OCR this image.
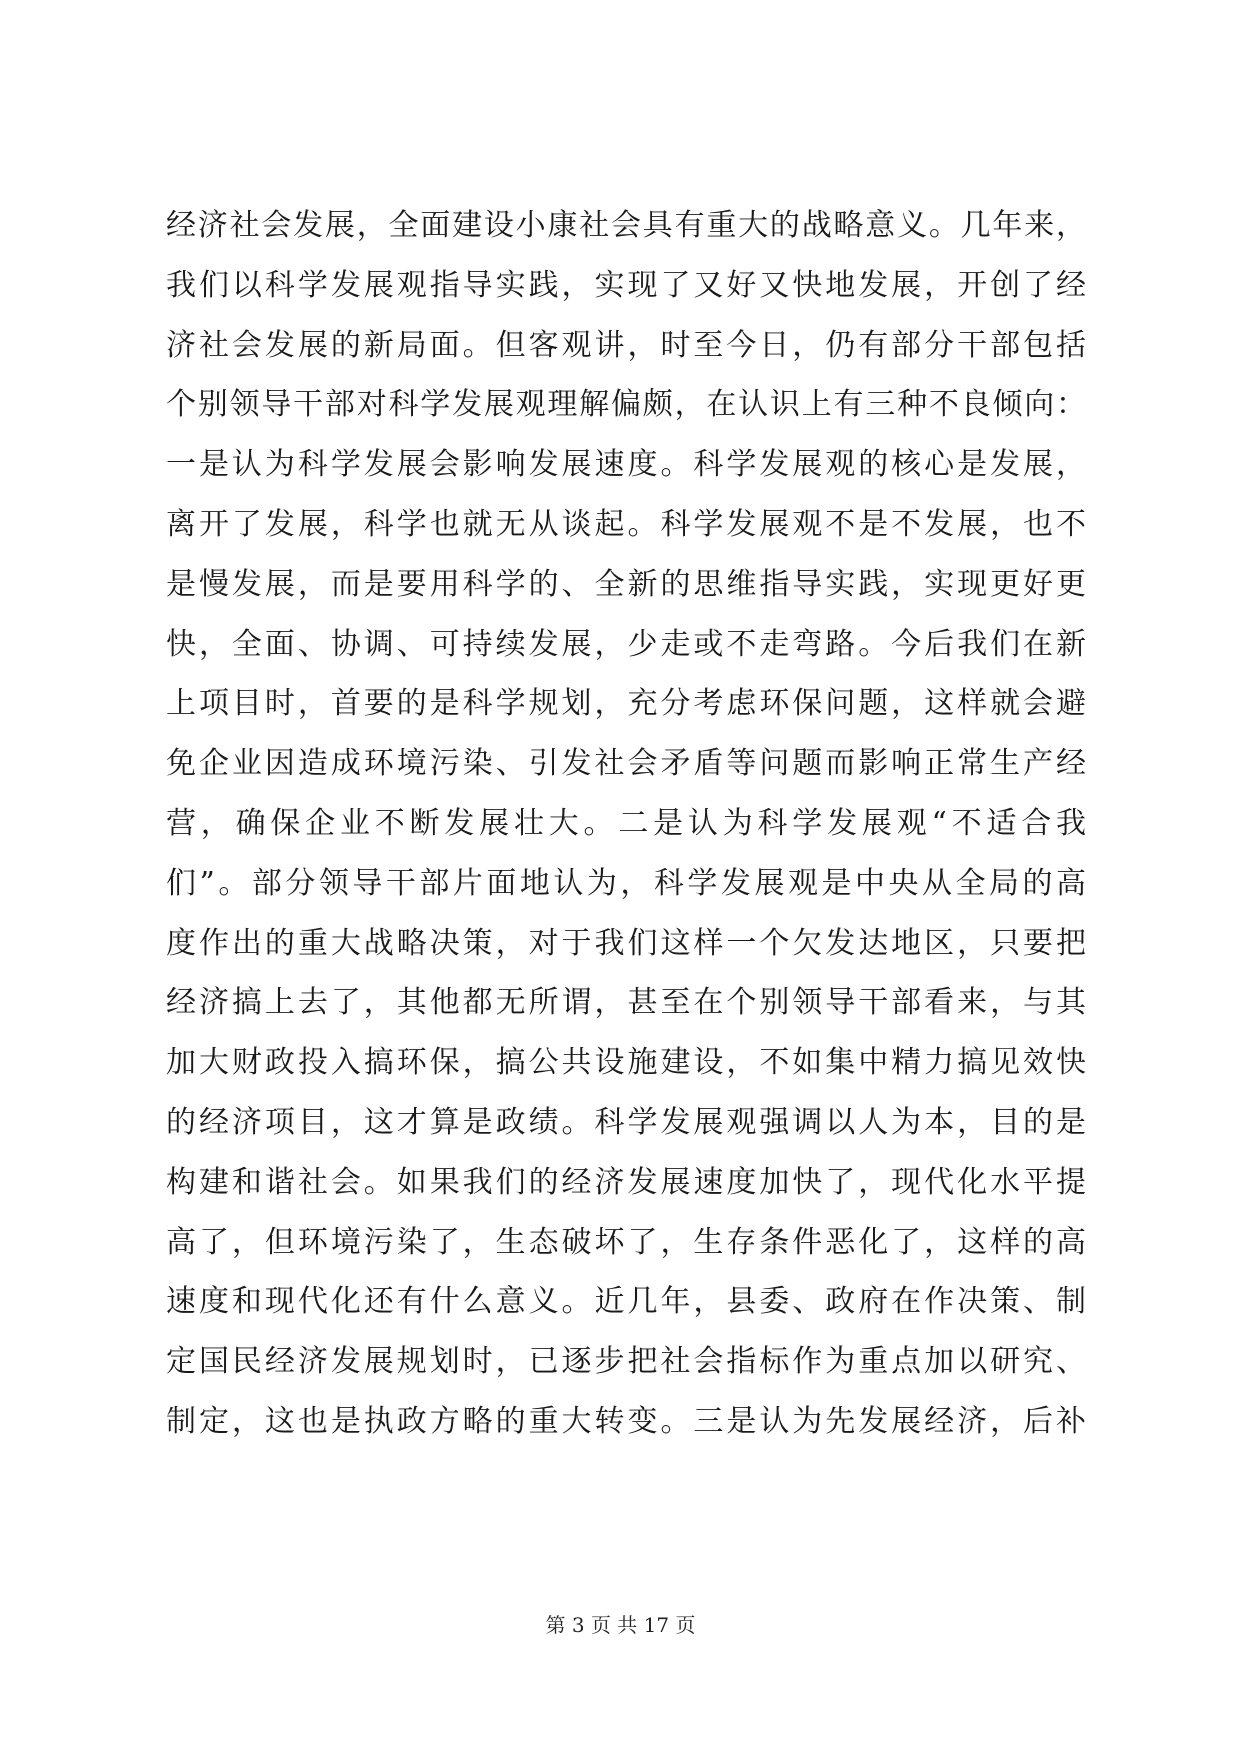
经济社会发展，全面建设小康社会具有重大的战略意义。几年来，
我们以科学发展观指导实践，实现了又好又快地发展，开创了经
济社会发展的新局面。但客观讲，时至今日，仍有部分干部包括
个别领导干部对科学发展观理解偏颇，在认识上有三种不良倾向：
一是认为科学发展会影响发展速度。科学发展观的核心是发展，
离开了发展，科学也就无从谈起。科学发展观不是不发展，也不
是慢发展，而是要用科学的、全新的思维指导实践，实现更好更
快，全面、协调、可持续发展，少走或不走弯路。今后我们在新
上项目时，首要的是科学规划，充分考虑环保问题，这样就会避
免企业因造成环境污染、引发社会矛盾等问题而影响正常生产经
营，确保企业不断发展壮大。二是认为科学发展观“不适合我
们”。部分领导干部片面地认为，科学发展观是中央从全局的高
度作出的重大战略决策，对于我们这样一个欠发达地区，只要把
经济搞上去了，其他都无所谓，甚至在个别领导干部看来，与其
加大财政投入搞环保，搞公共设施建设，不如集中精力搞见效快
的经济项目，这才算是政绩。科学发展观强调以人为本，目的是
构建和谐社会。如果我们的经济发展速度加快了，现代化水平提
高了，但环境污染了，生态破坏了，生存条件恶化了，这样的高
速度和现代化还有什么意义。近几年，县委、政府在作决策、制
定国民经济发展规划时，已逐步把社会指标作为重点加以研究、
制定，这也是执政方略的重大转变。三是认为先发展经济，后补
第 3 页 共 17 页
